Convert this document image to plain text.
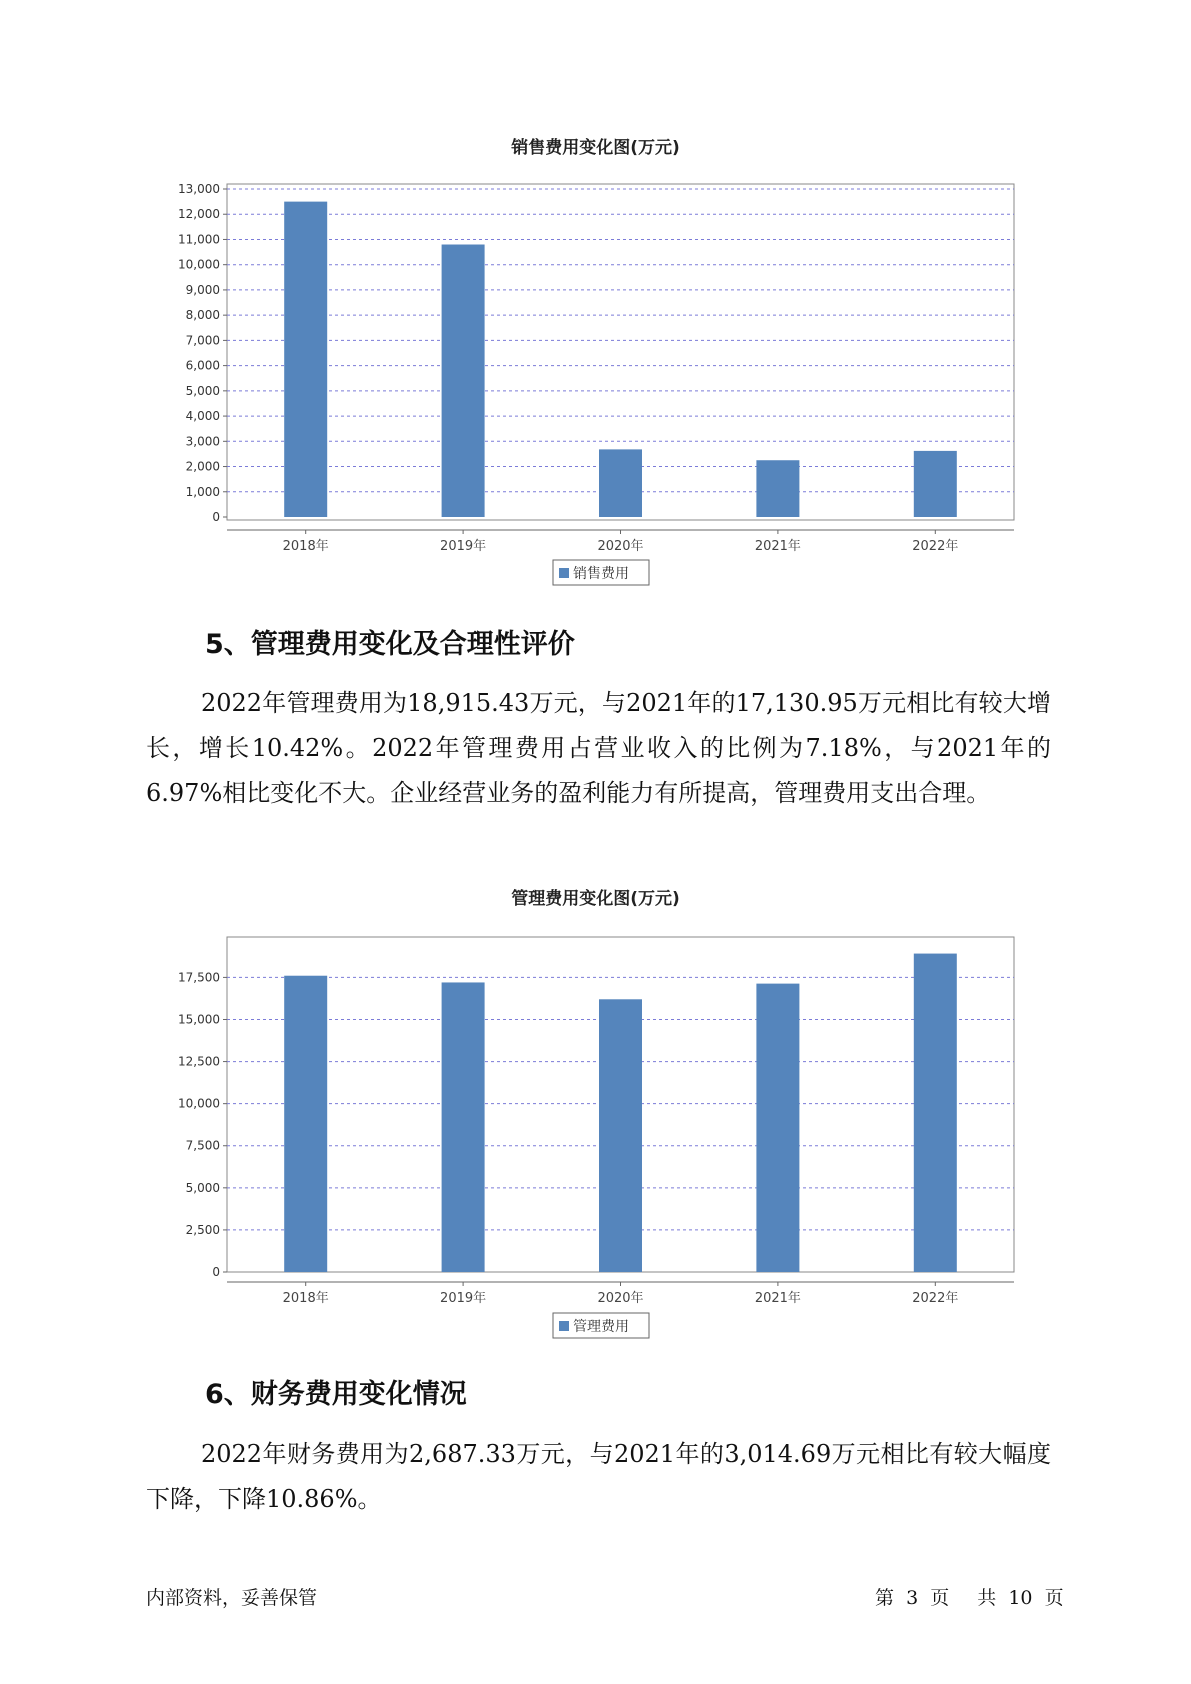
销售费用变化图(万元)
0
1,000
2,000
3,000
4,000
5,000
6,000
7,000
8,000
9,000
10,000
11,000
12,000
13,000
2018年	2019年	2020年	2021年	2022年
销售费用
5、管理费用变化及合理性评价

2022年管理费用为18,915.43万元，与2021年的17,130.95万元相比有较大增长，增长10.42%。2022年管理费用占营业收入的比例为7.18%，与2021年的6.97%相比变化不大。企业经营业务的盈利能力有所提高，管理费用支出合理。

管理费用变化图(万元)
0
2,500
5,000
7,500
10,000
12,500
15,000
17,500
2018年	2019年	2020年	2021年	2022年
管理费用
6、财务费用变化情况

2022年财务费用为2,687.33万元，与2021年的3,014.69万元相比有较大幅度下降，下降10.86%。

内部资料，妥善保管	第 3 页 共 10 页
